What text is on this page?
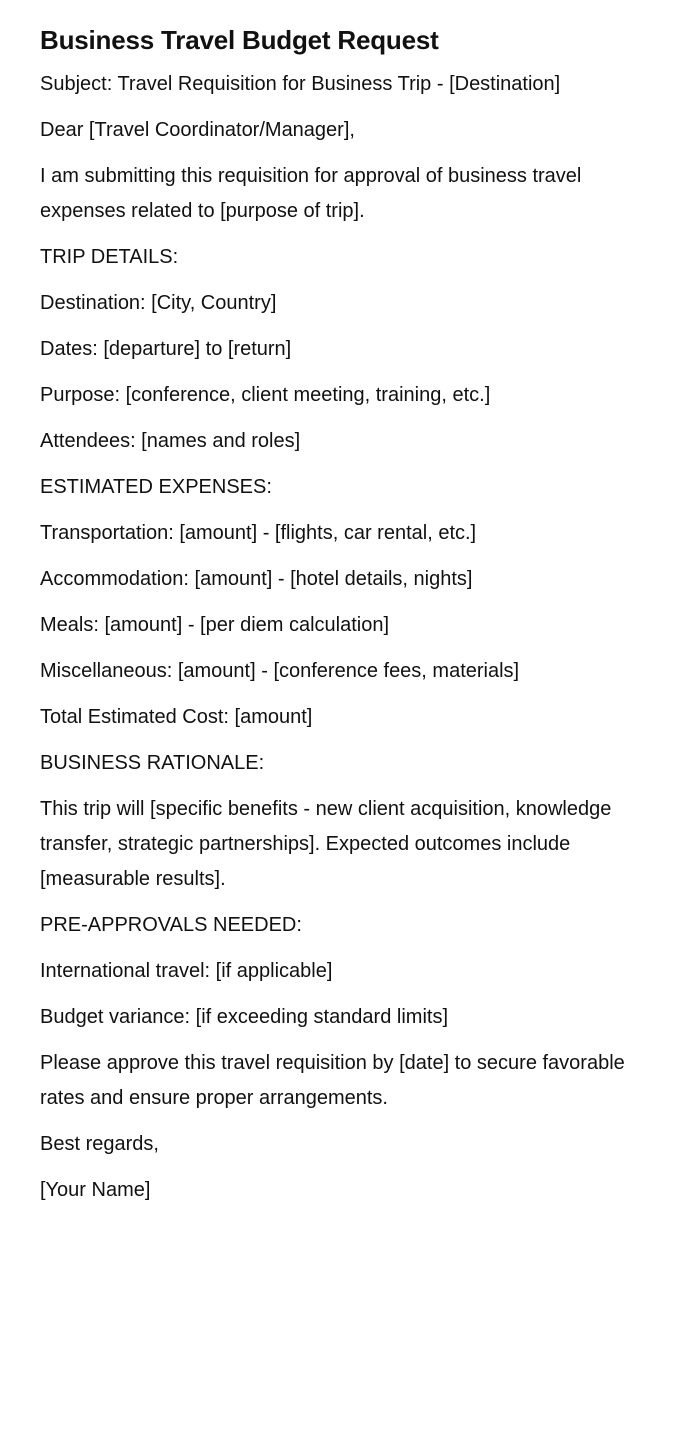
Business Travel Budget Request

Subject: Travel Requisition for Business Trip - [Destination]

Dear [Travel Coordinator/Manager],

I am submitting this requisition for approval of business travel expenses related to [purpose of trip].

TRIP DETAILS:

Destination: [City, Country]

Dates: [departure] to [return]

Purpose: [conference, client meeting, training, etc.]

Attendees: [names and roles]

ESTIMATED EXPENSES:

Transportation: [amount] - [flights, car rental, etc.]

Accommodation: [amount] - [hotel details, nights]

Meals: [amount] - [per diem calculation]

Miscellaneous: [amount] - [conference fees, materials]

Total Estimated Cost: [amount]

BUSINESS RATIONALE:

This trip will [specific benefits - new client acquisition, knowledge transfer, strategic partnerships]. Expected outcomes include [measurable results].

PRE-APPROVALS NEEDED:

International travel: [if applicable]

Budget variance: [if exceeding standard limits]

Please approve this travel requisition by [date] to secure favorable rates and ensure proper arrangements.

Best regards,

[Your Name]
